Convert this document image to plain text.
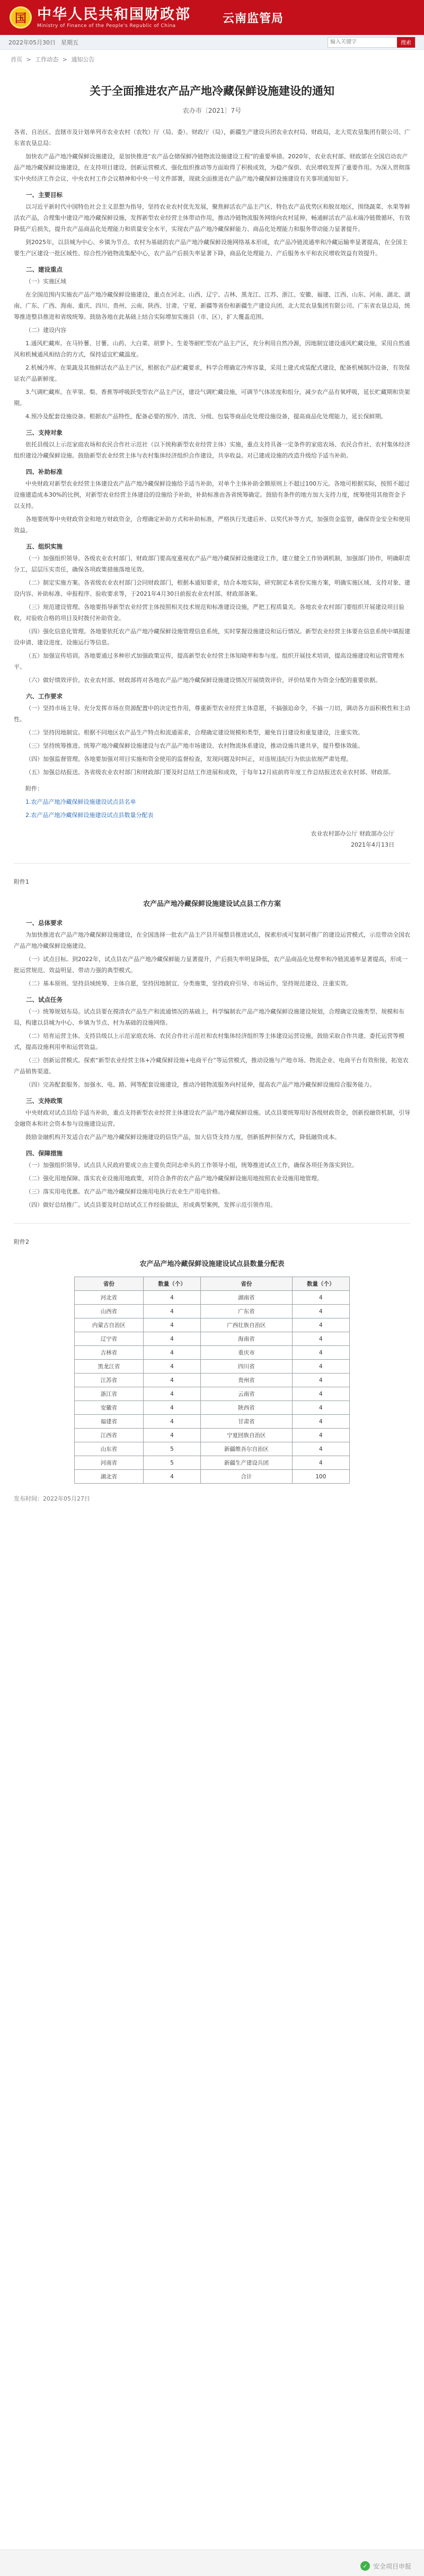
国 中华人民共和国财政部
Ministry of Finance of the People's Republic of China
云南监管局
2022年05月30日 星期五
输入关键字	搜索
首页 > 工作动态 > 通知公告
关于全面推进农产品产地冷藏保鲜设施建设的通知
农办市〔2021〕7号

各省、自治区、直辖市及计划单列市农业农村（农牧）厅（局、委）、财政厅（局），新疆生产建设兵团农业农村局、财政局，北大荒农垦集团有限公司、广东省农垦总局：

加快农产品产地冷藏保鲜设施建设，是加快推进“农产品仓储保鲜冷链物流设施建设工程”的重要举措。2020年，农业农村部、财政部在全国启动农产品产地冷藏保鲜设施建设，在支持项目建设、创新运营模式、强化组织推动等方面取得了积极成效，为稳产保供、农民增收发挥了重要作用。为深入贯彻落实中央经济工作会议、中央农村工作会议精神和中央一号文件部署，现就全面推进农产品产地冷藏保鲜设施建设有关事项通知如下。

一、主要目标

以习近平新时代中国特色社会主义思想为指导，坚持农业农村优先发展，聚焦鲜活农产品主产区、特色农产品优势区和脱贫地区，围绕蔬菜、水果等鲜活农产品，合理集中建设产地冷藏保鲜设施，发挥新型农业经营主体带动作用，推动冷链物流服务网络向农村延伸，畅通鲜活农产品末端冷链微循环，有效降低产后损失，提升农产品商品化处理能力和质量安全水平，实现农产品产地冷藏保鲜能力、商品化处理能力和服务带动能力显著提升。

到2025年，以县城为中心、乡镇为节点、农村为基础的农产品产地冷藏保鲜设施网络基本形成，农产品冷链流通率和冷藏运输率显著提高，在全国主要生产区建设一批区域性、综合性冷链物流集配中心，农产品产后损失率显著下降，商品化处理能力、产后服务水平和农民增收效益有效提升。

二、建设重点

（一）实施区域

在全国范围内实施农产品产地冷藏保鲜设施建设，重点在河北、山西、辽宁、吉林、黑龙江、江苏、浙江、安徽、福建、江西、山东、河南、湖北、湖南、广东、广西、海南、重庆、四川、贵州、云南、陕西、甘肃、宁夏、新疆等省份和新疆生产建设兵团、北大荒农垦集团有限公司、广东省农垦总局，统筹推进整县推进和省级统筹。鼓励各地在此基础上结合实际增加实施县（市、区），扩大覆盖范围。

（二）建设内容

1.通风贮藏库。在马铃薯、甘薯、山药、大白菜、胡萝卜、生姜等耐贮型农产品主产区，充分利用自然冷源，因地制宜建设通风贮藏设施，采用自然通风和机械通风相结合的方式，保持适宜贮藏温度。

2.机械冷库。在果蔬及其他鲜活农产品主产区，根据农产品贮藏要求，科学合理确定冷库容量，采用土建式或装配式建设，配备机械制冷设备，有效保证农产品新鲜度。

3.气调贮藏库。在苹果、梨、香蕉等呼吸跃变型农产品主产区，建设气调贮藏设施，可调节气体浓度和组分，减少农产品有氧呼吸，延长贮藏期和货架期。

4.预冷及配套设施设备。根据农产品特性，配备必要的预冷、清洗、分级、包装等商品化处理设施设备，提高商品化处理能力，延长保鲜期。

三、支持对象

依托县级以上示范家庭农场和农民合作社示范社（以下统称新型农业经营主体）实施，重点支持具备一定条件的家庭农场、农民合作社、农村集体经济组织建设冷藏保鲜设施。鼓励新型农业经营主体与农村集体经济组织合作建设，共享收益。对已建成设施的改造升级给予适当补助。

四、补助标准

中央财政对新型农业经营主体建设农产品产地冷藏保鲜设施给予适当补助，对单个主体补助金额原则上不超过100万元。各地可根据实际，按照不超过设施建造成本30%的比例，对新型农业经营主体建设的设施给予补助，补助标准由各省统筹确定。鼓励有条件的地方加大支持力度，统筹使用其他资金予以支持。

各地要统筹中央财政资金和地方财政资金，合理确定补助方式和补助标准，严格执行先建后补、以奖代补等方式，加强资金监管，确保资金安全和使用效益。

五、组织实施

（一）加强组织领导。各级农业农村部门、财政部门要高度重视农产品产地冷藏保鲜设施建设工作，建立健全工作协调机制，加强部门协作，明确职责分工，层层压实责任，确保各项政策措施落地见效。

（二）制定实施方案。各省级农业农村部门会同财政部门，根据本通知要求，结合本地实际，研究制定本省份实施方案，明确实施区域、支持对象、建设内容、补助标准、申报程序、验收要求等，于2021年4月30日前报农业农村部、财政部备案。

（三）规范建设管理。各地要指导新型农业经营主体按照相关技术规范和标准建设设施，严把工程质量关。各地农业农村部门要组织开展建设项目验收，对验收合格的项目及时拨付补助资金。

（四）强化信息化管理。各地要依托农产品产地冷藏保鲜设施管理信息系统，实时掌握设施建设和运行情况。新型农业经营主体要在信息系统中填报建设申请、建设进度、设施运行等信息。

（五）加强宣传培训。各地要通过多种形式加强政策宣传，提高新型农业经营主体知晓率和参与度。组织开展技术培训，提高设施建设和运营管理水平。

（六）做好绩效评价。农业农村部、财政部将对各地农产品产地冷藏保鲜设施建设情况开展绩效评价，评价结果作为资金分配的重要依据。

六、工作要求

（一）坚持市场主导。充分发挥市场在资源配置中的决定性作用，尊重新型农业经营主体意愿，不搞强迫命令，不搞一刀切，调动各方面积极性和主动性。

（二）坚持因地制宜。根据不同地区农产品生产特点和流通需求，合理确定建设规模和类型，避免盲目建设和重复建设，注重实效。

（三）坚持统筹推进。统筹产地冷藏保鲜设施建设与农产品产地市场建设、农村物流体系建设，推动设施共建共享，提升整体效能。

（四）加强监督管理。各地要加强对项目实施和资金使用的监督检查，发现问题及时纠正，对违规违纪行为依法依规严肃处理。

（五）加强总结报送。各省级农业农村部门和财政部门要及时总结工作进展和成效，于每年12月底前将年度工作总结报送农业农村部、财政部。

附件：

1.农产品产地冷藏保鲜设施建设试点县名单

2.农产品产地冷藏保鲜设施建设试点县数量分配表

农业农村部办公厅 财政部办公厅
2021年4月13日

附件1

农产品产地冷藏保鲜设施建设试点县工作方案

一、总体要求

为加快推进农产品产地冷藏保鲜设施建设，在全国选择一批农产品主产县开展整县推进试点，探索形成可复制可推广的建设运营模式，示范带动全国农产品产地冷藏保鲜设施建设。

（一）试点目标。到2022年，试点县农产品产地冷藏保鲜能力显著提升，产后损失率明显降低，农产品商品化处理率和冷链流通率显著提高，形成一批运营规范、效益明显、带动力强的典型模式。

（二）基本原则。坚持县域统筹、主体自愿，坚持因地制宜、分类施策，坚持政府引导、市场运作，坚持规范建设、注重实效。

二、试点任务

（一）统筹规划布局。试点县要在摸清农产品生产和流通情况的基础上，科学编制农产品产地冷藏保鲜设施建设规划，合理确定设施类型、规模和布局，构建以县城为中心、乡镇为节点、村为基础的设施网络。

（二）培育运营主体。支持县级以上示范家庭农场、农民合作社示范社和农村集体经济组织等主体建设运营设施，鼓励采取合作共建、委托运营等模式，提高设施利用率和运营效益。

（三）创新运营模式。探索“新型农业经营主体+冷藏保鲜设施+电商平台”等运营模式，推动设施与产地市场、物流企业、电商平台有效衔接，拓宽农产品销售渠道。

（四）完善配套服务。加强水、电、路、网等配套设施建设，推动冷链物流服务向村延伸，提高农产品产地冷藏保鲜设施综合服务能力。

三、支持政策

中央财政对试点县给予适当补助，重点支持新型农业经营主体建设农产品产地冷藏保鲜设施。试点县要统筹用好各级财政资金，创新投融资机制，引导金融资本和社会资本参与设施建设运营。

鼓励金融机构开发适合农产品产地冷藏保鲜设施建设的信贷产品，加大信贷支持力度，创新抵押担保方式，降低融资成本。

四、保障措施

（一）加强组织领导。试点县人民政府要成立由主要负责同志牵头的工作领导小组，统筹推进试点工作，确保各项任务落实到位。

（二）强化用地保障。落实农业设施用地政策，对符合条件的农产品产地冷藏保鲜设施用地按照农业设施用地管理。

（三）落实用电优惠。农产品产地冷藏保鲜设施用电执行农业生产用电价格。

（四）做好总结推广。试点县要及时总结试点工作经验做法，形成典型案例，发挥示范引领作用。

附件2

农产品产地冷藏保鲜设施建设试点县数量分配表
省份	数量（个）	省份	数量（个）
河北省	4	湖南省	4
山西省	4	广东省	4
内蒙古自治区	4	广西壮族自治区	4
辽宁省	4	海南省	4
吉林省	4	重庆市	4
黑龙江省	4	四川省	4
江苏省	4	贵州省	4
浙江省	4	云南省	4
安徽省	4	陕西省	4
福建省	4	甘肃省	4
江西省	4	宁夏回族自治区	4
山东省	5	新疆维吾尔自治区	4
河南省	5	新疆生产建设兵团	4
湖北省	4	合计	100
发布时间：2022年05月27日
✓ 安全项目申报
